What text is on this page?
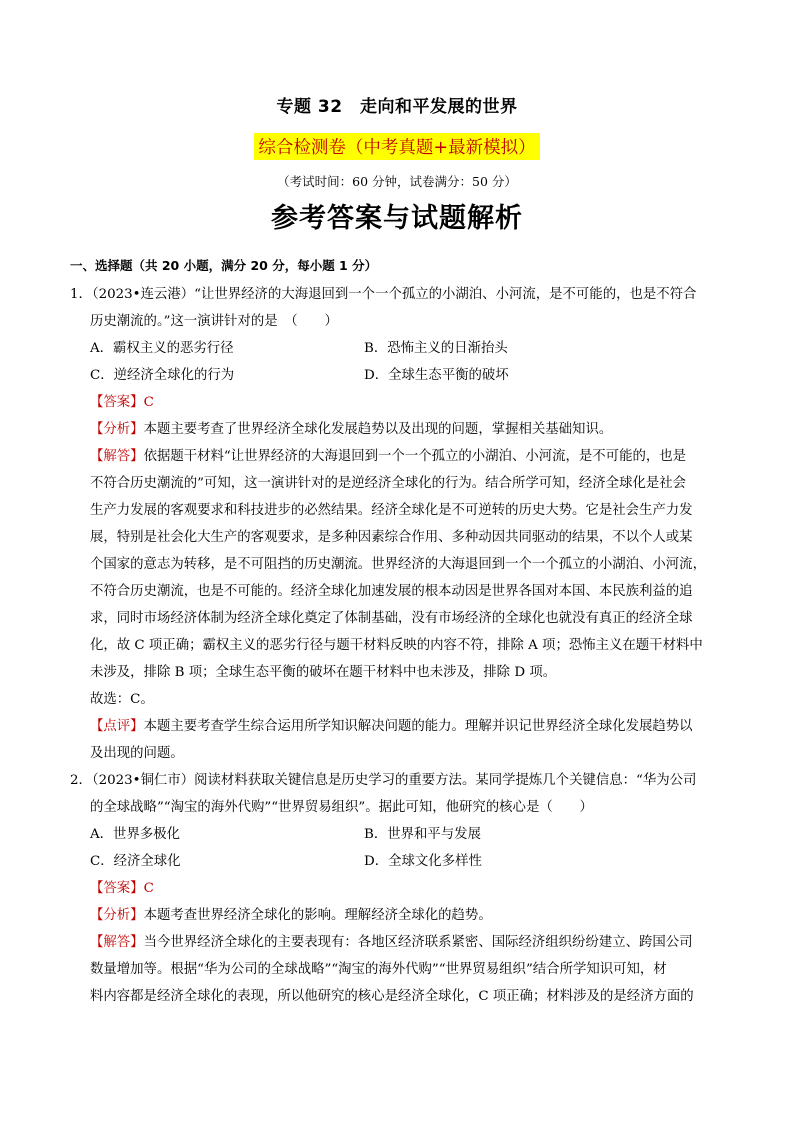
专题 32　走向和平发展的世界
综合检测卷（中考真题+最新模拟）
（考试时间：60 分钟，试卷满分：50 分）
参考答案与试题解析
一、选择题（共 20 小题，满分 20 分，每小题 1 分）
1．（2023•连云港）“让世界经济的大海退回到一个一个孤立的小湖泊、小河流，是不可能的，也是不符合
历史潮流的。”这一演讲针对的是　（　　）
A．霸权主义的恶劣行径	B．恐怖主义的日渐抬头
C．逆经济全球化的行为	D．全球生态平衡的破坏
【答案】C
【分析】本题主要考查了世界经济全球化发展趋势以及出现的问题，掌握相关基础知识。
【解答】依据题干材料“让世界经济的大海退回到一个一个孤立的小湖泊、小河流，是不可能的，也是
不符合历史潮流的”可知，这一演讲针对的是逆经济全球化的行为。结合所学可知，经济全球化是社会
生产力发展的客观要求和科技进步的必然结果。经济全球化是不可逆转的历史大势。它是社会生产力发
展，特别是社会化大生产的客观要求，是多种因素综合作用、多种动因共同驱动的结果，不以个人或某
个国家的意志为转移，是不可阻挡的历史潮流。世界经济的大海退回到一个一个孤立的小湖泊、小河流，
不符合历史潮流，也是不可能的。经济全球化加速发展的根本动因是世界各国对本国、本民族利益的追
求，同时市场经济体制为经济全球化奠定了体制基础，没有市场经济的全球化也就没有真正的经济全球
化，故 C 项正确；霸权主义的恶劣行径与题干材料反映的内容不符，排除 A 项；恐怖主义在题干材料中
未涉及，排除 B 项；全球生态平衡的破坏在题干材料中也未涉及，排除 D 项。
故选：C。
【点评】本题主要考查学生综合运用所学知识解决问题的能力。理解并识记世界经济全球化发展趋势以
及出现的问题。
2．（2023•铜仁市）阅读材料获取关键信息是历史学习的重要方法。某同学提炼几个关键信息：“华为公司
的全球战略”“淘宝的海外代购”“世界贸易组织”。据此可知，他研究的核心是（　　）
A．世界多极化	B．世界和平与发展
C．经济全球化	D．全球文化多样性
【答案】C
【分析】本题考查世界经济全球化的影响。理解经济全球化的趋势。
【解答】当今世界经济全球化的主要表现有：各地区经济联系紧密、国际经济组织纷纷建立、跨国公司
数量增加等。根据“华为公司的全球战略”“淘宝的海外代购”“世界贸易组织”结合所学知识可知，材
料内容都是经济全球化的表现，所以他研究的核心是经济全球化，C 项正确；材料涉及的是经济方面的
